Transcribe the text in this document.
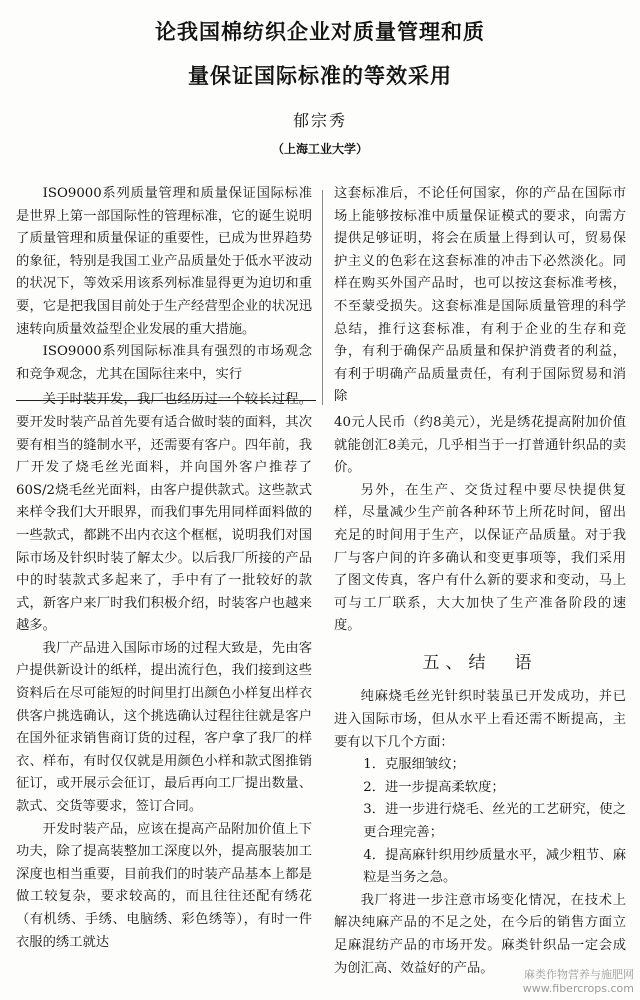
论我国棉纺织企业对质量管理和质
量保证国际标准的等效采用
郁宗秀
（上海工业大学）

ISO9000系列质量管理和质量保证国际标准是世界上第一部国际性的管理标准，它的诞生说明了质量管理和质量保证的重要性，已成为世界趋势的象征，特别是我国工业产品质量处于低水平波动的状况下，等效采用该系列标准显得更为迫切和重要，它是把我国目前处于生产经营型企业的状况迅速转向质量效益型企业发展的重大措施。

ISO9000系列国际标准具有强烈的市场观念和竞争观念，尤其在国际往来中，实行

关于时装开发，我厂也经历过一个较长过程。要开发时装产品首先要有适合做时装的面料，其次要有相当的缝制水平，还需要有客户。四年前，我厂开发了烧毛丝光面料，并向国外客户推荐了60S/2烧毛丝光面料，由客户提供款式。这些款式来样令我们大开眼界，而我们事先用同样面料做的一些款式，都跳不出内衣这个框框，说明我们对国际市场及针织时装了解太少。以后我厂所接的产品中的时装款式多起来了，手中有了一批较好的款式，新客户来厂时我们积极介绍，时装客户也越来越多。

我厂产品进入国际市场的过程大致是，先由客户提供新设计的纸样，提出流行色，我们接到这些资料后在尽可能短的时间里打出颜色小样复出样衣供客户挑选确认，这个挑选确认过程往往就是客户在国外征求销售商订货的过程，客户拿了我厂的样衣、样布，有时仅仅就是用颜色小样和款式图推销征订，或开展示会征订，最后再向工厂提出数量、款式、交货等要求，签订合同。

开发时装产品，应该在提高产品附加价值上下功夫，除了提高装整加工深度以外，提高服装加工深度也相当重要，目前我们的时装产品基本上都是做工较复杂，要求较高的，而且往往还配有绣花（有机绣、手绣、电脑绣、彩色绣等），有时一件衣服的绣工就达

这套标准后，不论任何国家，你的产品在国际市场上能够按标准中质量保证模式的要求，向需方提供足够证明，将会在质量上得到认可，贸易保护主义的色彩在这套标准的冲击下必然淡化。同样在购买外国产品时，也可以按这套标准考核，不至蒙受损失。这套标准是国际质量管理的科学总结，推行这套标准，有利于企业的生存和竞争，有利于确保产品质量和保护消费者的利益，有利于明确产品质量责任，有利于国际贸易和消除

40元人民币（约8美元），光是绣花提高附加价值就能创汇8美元，几乎相当于一打普通针织品的卖价。

另外，在生产、交货过程中要尽快提供复样，尽量减少生产前各种环节上所花时间，留出充足的时间用于生产，以保证产品质量。对于我厂与客户间的许多确认和变更事项等，我们采用了图文传真，客户有什么新的要求和变动，马上可与工厂联系，大大加快了生产准备阶段的速度。

五、结　语

纯麻烧毛丝光针织时装虽已开发成功，并已进入国际市场，但从水平上看还需不断提高，主要有以下几个方面：

1．克服细皱纹；

2．进一步提高柔软度；

3．进一步进行烧毛、丝光的工艺研究，使之更合理完善；

4．提高麻针织用纱质量水平，减少粗节、麻粒是当务之急。

我厂将进一步注意市场变化情况，在技术上解决纯麻产品的不足之处，在今后的销售方面立足麻混纺产品的市场开发。麻类针织品一定会成为创汇高、效益好的产品。	麻类作物营养与施肥网
www.fibercrops.com
